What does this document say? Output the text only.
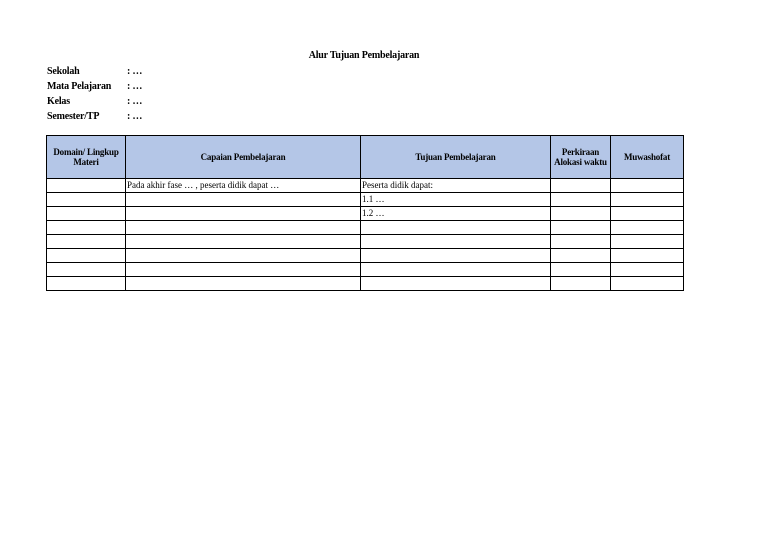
Alur Tujuan Pembelajaran
Sekolah	: …
Mata Pelajaran	: …
Kelas	: …
Semester/TP	: …
Domain/ Lingkup Materi	Capaian Pembelajaran	Tujuan Pembelajaran	Perkiraan Alokasi waktu	Muwashofat
	Pada akhir fase … , peserta didik dapat …	Peserta didik dapat:		
		1.1 …		
		1.2 …		
